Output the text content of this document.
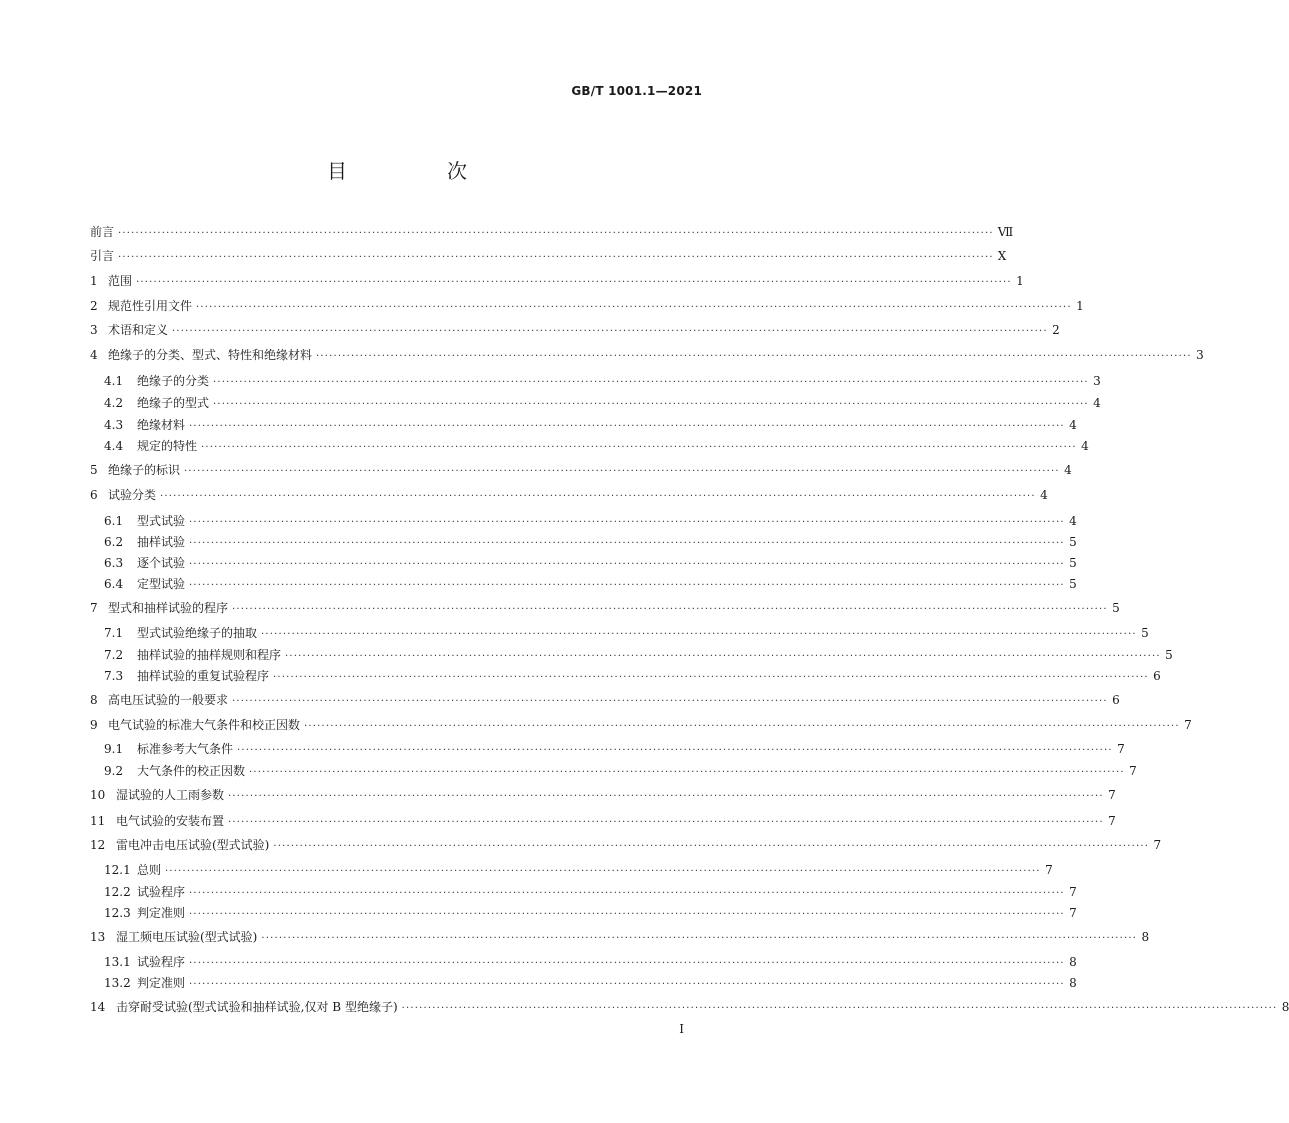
GB/T 1001.1—2021
目　次
前言 ········································································································································································································ Ⅶ
引言 ········································································································································································································ Ⅹ
1 范围 ········································································································································································································ 1
2 规范性引用文件 ········································································································································································································ 1
3 术语和定义 ········································································································································································································ 2
4 绝缘子的分类、型式、特性和绝缘材料 ········································································································································································································ 3
4.1	绝缘子的分类 ········································································································································································································ 3
4.2	绝缘子的型式 ········································································································································································································ 4
4.3	绝缘材料 ········································································································································································································ 4
4.4	规定的特性 ········································································································································································································ 4
5 绝缘子的标识 ········································································································································································································ 4
6 试验分类 ········································································································································································································ 4
6.1	型式试验 ········································································································································································································ 4
6.2	抽样试验 ········································································································································································································ 5
6.3	逐个试验 ········································································································································································································ 5
6.4	定型试验 ········································································································································································································ 5
7 型式和抽样试验的程序 ········································································································································································································ 5
7.1	型式试验绝缘子的抽取 ········································································································································································································ 5
7.2	抽样试验的抽样规则和程序 ········································································································································································································ 5
7.3	抽样试验的重复试验程序 ········································································································································································································ 6
8 高电压试验的一般要求 ········································································································································································································ 6
9 电气试验的标准大气条件和校正因数 ········································································································································································································ 7
9.1	标准参考大气条件 ········································································································································································································ 7
9.2	大气条件的校正因数 ········································································································································································································ 7
10 湿试验的人工雨参数 ········································································································································································································ 7
11 电气试验的安装布置 ········································································································································································································ 7
12 雷电冲击电压试验(型式试验) ········································································································································································································ 7
12.1 总则 ········································································································································································································ 7
12.2 试验程序 ········································································································································································································ 7
12.3 判定准则 ········································································································································································································ 7
13 湿工频电压试验(型式试验) ········································································································································································································ 8
13.1 试验程序 ········································································································································································································ 8
13.2 判定准则 ········································································································································································································ 8
14 击穿耐受试验(型式试验和抽样试验,仅对 B 型绝缘子) ········································································································································································································ 8
I
